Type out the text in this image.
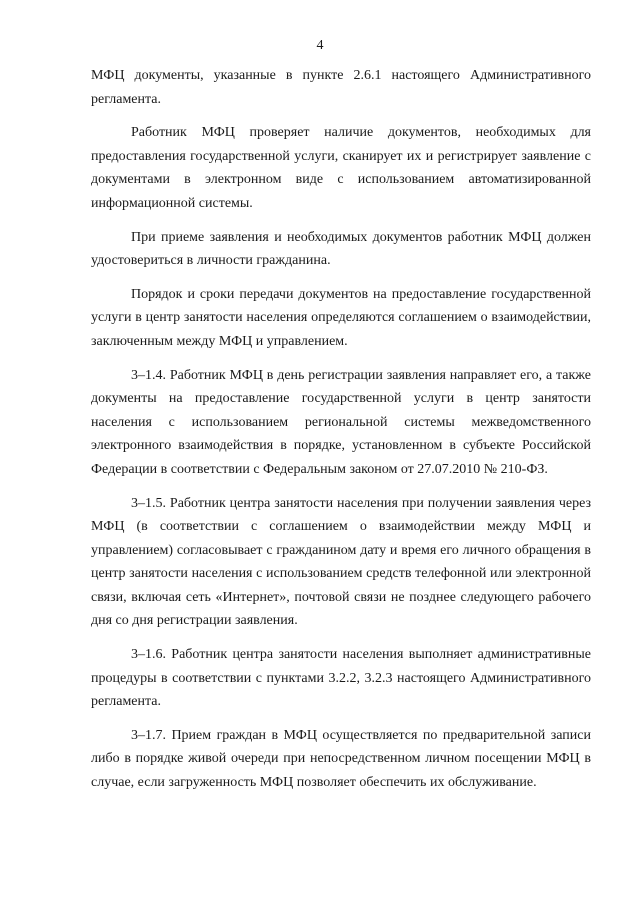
4

МФЦ документы, указанные в пункте 2.6.1 настоящего Административного регламента.

Работник МФЦ проверяет наличие документов, необходимых для предоставления государственной услуги, сканирует их и регистрирует заявление с документами в электронном виде с использованием автоматизированной информационной системы.

При приеме заявления и необходимых документов работник МФЦ должен удостовериться в личности гражданина.

Порядок и сроки передачи документов на предоставление государственной услуги в центр занятости населения определяются соглашением о взаимодействии, заключенным между МФЦ и управлением.

3–1.4. Работник МФЦ в день регистрации заявления направляет его, а также документы на предоставление государственной услуги в центр занятости населения с использованием региональной системы межведомственного электронного взаимодействия в порядке, установленном в субъекте Российской Федерации в соответствии с Федеральным законом от 27.07.2010 № 210-ФЗ.

3–1.5. Работник центра занятости населения при получении заявления через МФЦ (в соответствии с соглашением о взаимодействии между МФЦ и управлением) согласовывает с гражданином дату и время его личного обращения в центр занятости населения с использованием средств телефонной или электронной связи, включая сеть «Интернет», почтовой связи не позднее следующего рабочего дня со дня регистрации заявления.

3–1.6. Работник центра занятости населения выполняет административные процедуры в соответствии с пунктами 3.2.2, 3.2.3 настоящего Административного регламента.

3–1.7. Прием граждан в МФЦ осуществляется по предварительной записи либо в порядке живой очереди при непосредственном личном посещении МФЦ в случае, если загруженность МФЦ позволяет обеспечить их обслуживание.
